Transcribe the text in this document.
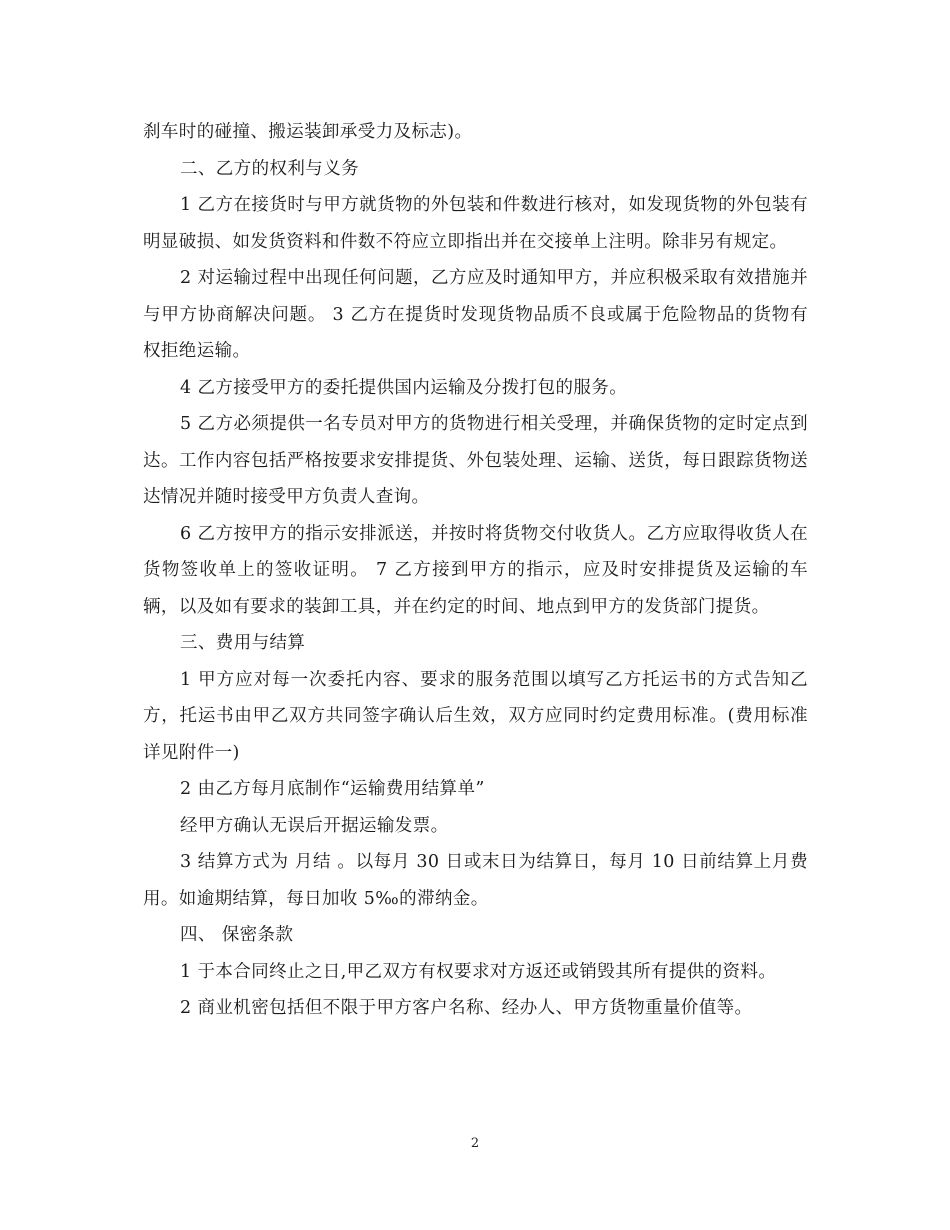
刹车时的碰撞、搬运装卸承受力及标志)。

二、乙方的权利与义务

1 乙方在接货时与甲方就货物的外包装和件数进行核对，如发现货物的外包装有明显破损、如发货资料和件数不符应立即指出并在交接单上注明。除非另有规定。

2 对运输过程中出现任何问题，乙方应及时通知甲方，并应积极采取有效措施并与甲方协商解决问题。 3 乙方在提货时发现货物品质不良或属于危险物品的货物有权拒绝运输。

4 乙方接受甲方的委托提供国内运输及分拨打包的服务。

5 乙方必须提供一名专员对甲方的货物进行相关受理，并确保货物的定时定点到达。工作内容包括严格按要求安排提货、外包装处理、运输、送货，每日跟踪货物送达情况并随时接受甲方负责人查询。

6 乙方按甲方的指示安排派送，并按时将货物交付收货人。乙方应取得收货人在货物签收单上的签收证明。 7 乙方接到甲方的指示，应及时安排提货及运输的车辆，以及如有要求的装卸工具，并在约定的时间、地点到甲方的发货部门提货。

三、费用与结算

1 甲方应对每一次委托内容、要求的服务范围以填写乙方托运书的方式告知乙方，托运书由甲乙双方共同签字确认后生效，双方应同时约定费用标准。(费用标准详见附件一)

2 由乙方每月底制作“运输费用结算单”

经甲方确认无误后开据运输发票。

3 结算方式为 月结 。以每月 30 日或末日为结算日，每月 10 日前结算上月费用。如逾期结算，每日加收 5‰的滞纳金。

四、 保密条款

1 于本合同终止之日,甲乙双方有权要求对方返还或销毁其所有提供的资料。

2 商业机密包括但不限于甲方客户名称、经办人、甲方货物重量价值等。

2
